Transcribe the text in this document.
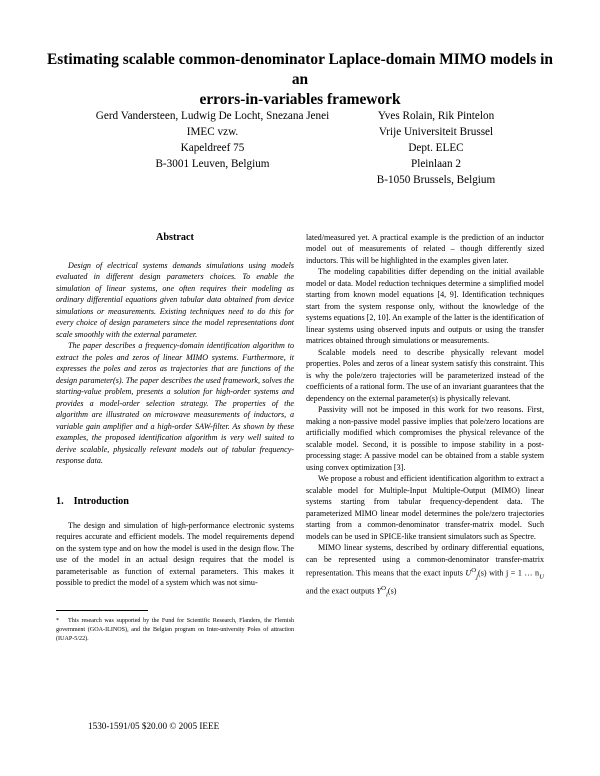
Estimating scalable common-denominator Laplace-domain MIMO models in an
errors-in-variables framework
Gerd Vandersteen, Ludwig De Locht, Snezana Jenei
IMEC vzw.
Kapeldreef 75
B-3001 Leuven, Belgium
Yves Rolain, Rik Pintelon
Vrije Universiteit Brussel
Dept. ELEC
Pleinlaan 2
B-1050 Brussels, Belgium
Abstract

Design of electrical systems demands simulations using models evaluated in different design parameters choices. To enable the simulation of linear systems, one often requires their modeling as ordinary differential equations given tabular data obtained from device simulations or measurements. Existing techniques need to do this for every choice of design parameters since the model representations dont scale smoothly with the external parameter.

The paper describes a frequency-domain identification algorithm to extract the poles and zeros of linear MIMO systems. Furthermore, it expresses the poles and zeros as trajectories that are functions of the design parameter(s). The paper describes the used framework, solves the starting-value problem, presents a solution for high-order systems and provides a model-order selection strategy. The properties of the algorithm are illustrated on microwave measurements of inductors, a variable gain amplifier and a high-order SAW-filter. As shown by these examples, the proposed identification algorithm is very well suited to derive scalable, physically relevant models out of tabular frequency-response data.

1. Introduction

The design and simulation of high-performance electronic systems requires accurate and efficient models. The model requirements depend on the system type and on how the model is used in the design flow. The use of the model in an actual design requires that the model is parameterisable as function of external parameters. This makes it possible to predict the model of a system which was not simu-

* This research was supported by the Fund for Scientific Research, Flanders, the Flemish government (GOA-ILINOS), and the Belgian program on Inter-university Poles of attraction (IUAP-5/22).
1530-1591/05 $20.00 © 2005 IEEE

lated/measured yet. A practical example is the prediction of an inductor model out of measurements of related – though differently sized inductors. This will be highlighted in the examples given later.

The modeling capabilities differ depending on the initial available model or data. Model reduction techniques determine a simplified model starting from known model equations [4, 9]. Identification techniques start from the system response only, without the knowledge of the systems equations [2, 10]. An example of the latter is the identification of linear systems using observed inputs and outputs or using the transfer matrices obtained through simulations or measurements.

Scalable models need to describe physically relevant model properties. Poles and zeros of a linear system satisfy this constraint. This is why the pole/zero trajectories will be parameterized instead of the coefficients of a rational form. The use of an invariant guarantees that the dependency on the external parameter(s) is physically relevant.

Passivity will not be imposed in this work for two reasons. First, making a non-passive model passive implies that pole/zero locations are artificially modified which compromises the physical relevance of the scalable model. Second, it is possible to impose stability in a post-processing stage: A passive model can be obtained from a stable system using convex optimization [3].

We propose a robust and efficient identification algorithm to extract a scalable model for Multiple-Input Multiple-Output (MIMO) linear systems starting from tabular frequency-dependent data. The parameterized MIMO linear model determines the pole/zero trajectories starting from a common-denominator transfer-matrix model. Such models can be used in SPICE-like transient simulators such as Spectre.

MIMO linear systems, described by ordinary differential equations, can be represented using a common-denominator transfer-matrix representation. This means that the exact inputs $U^O_j(s)$ with j = 1 … $n_U$ and the exact outputs $Y^O_i(s)$
